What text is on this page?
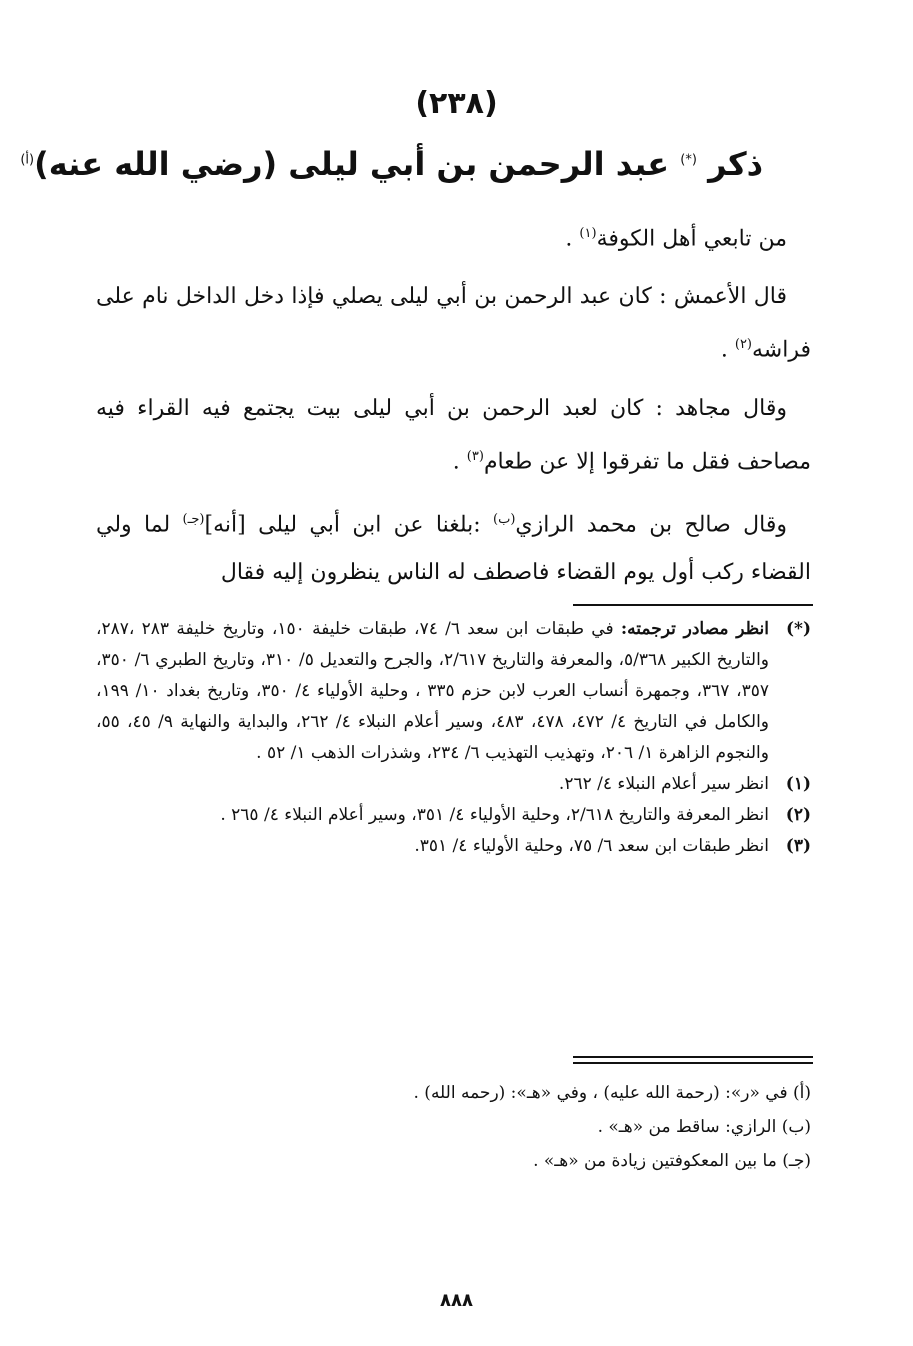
(٢٣٨)
ذكر (*) عبد الرحمن بن أبي ليلى (رضي الله عنه)$^{(أ)}$

من تابعي أهل الكوفة$^{(١)}$ .

قال الأعمش : كان عبد الرحمن بن أبي ليلى يصلي فإذا دخل الداخل نام على فراشه$^{(٢)}$ .

وقال مجاهد : كان لعبد الرحمن بن أبي ليلى بيت يجتمع فيه القراء فيه مصاحف فقل ما تفرقوا إلا عن طعام$^{(٣)}$ .

وقال صالح بن محمد الرازي$^{(ب)}$ :بلغنا عن ابن أبي ليلى [أنه]$^{(جـ)}$ لما ولي القضاء ركب أول يوم القضاء فاصطف له الناس ينظرون إليه فقال

(*)
انظر مصادر ترجمته: في طبقات ابن سعد ٦/ ٧٤، طبقات خليفة ١٥٠، وتاريخ خليفة ٢٨٣ ،٢٨٧، والتاريخ الكبير ٥/٣٦٨، والمعرفة والتاريخ ٢/٦١٧، والجرح والتعديل ٥/ ٣١٠، وتاريخ الطبري ٦/ ٣٥٠، ٣٥٧، ٣٦٧، وجمهرة أنساب العرب لابن حزم ٣٣٥ ، وحلية الأولياء ٤/ ٣٥٠، وتاريخ بغداد ١٠/ ١٩٩، والكامل في التاريخ ٤/ ٤٧٢، ٤٧٨، ٤٨٣، وسير أعلام النبلاء ٤/ ٢٦٢، والبداية والنهاية ٩/ ٤٥، ٥٥، والنجوم الزاهرة ١/ ٢٠٦، وتهذيب التهذيب ٦/ ٢٣٤، وشذرات الذهب ١/ ٥٢ .
(١)
انظر سير أعلام النبلاء ٤/ ٢٦٢.
(٢)
انظر المعرفة والتاريخ ٢/٦١٨، وحلية الأولياء ٤/ ٣٥١، وسير أعلام النبلاء ٤/ ٢٦٥ .
(٣)
انظر طبقات ابن سعد ٦/ ٧٥، وحلية الأولياء ٤/ ٣٥١.

(أ) في «ر»: (رحمة الله عليه) ، وفي «هـ»: (رحمه الله) .

(ب) الرازي: ساقط من «هـ» .

(جـ) ما بين المعكوفتين زيادة من «هـ» .

٨٨٨
